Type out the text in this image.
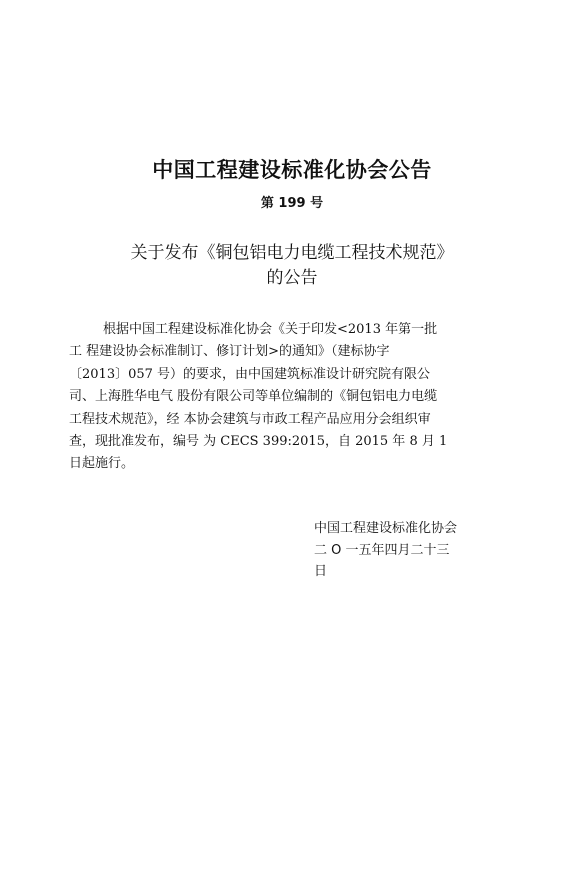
中国工程建设标准化协会公告
第 199 号
关于发布《铜包铝电力电缆工程技术规范》
的公告
根据中国工程建设标准化协会《关于印发<2013 年第一批
工 程建设协会标准制订、修订计划>的通知》（建标协字
〔2013〕057 号）的要求，由中国建筑标准设计研究院有限公
司、上海胜华电气 股份有限公司等单位编制的《铜包铝电力电缆
工程技术规范》，经 本协会建筑与市政工程产品应用分会组织审
查，现批准发布，编号 为 CECS 399:2015，自 2015 年 8 月 1
日起施行。
中国工程建设标准化协会
二 O 一五年四月二十三
日
